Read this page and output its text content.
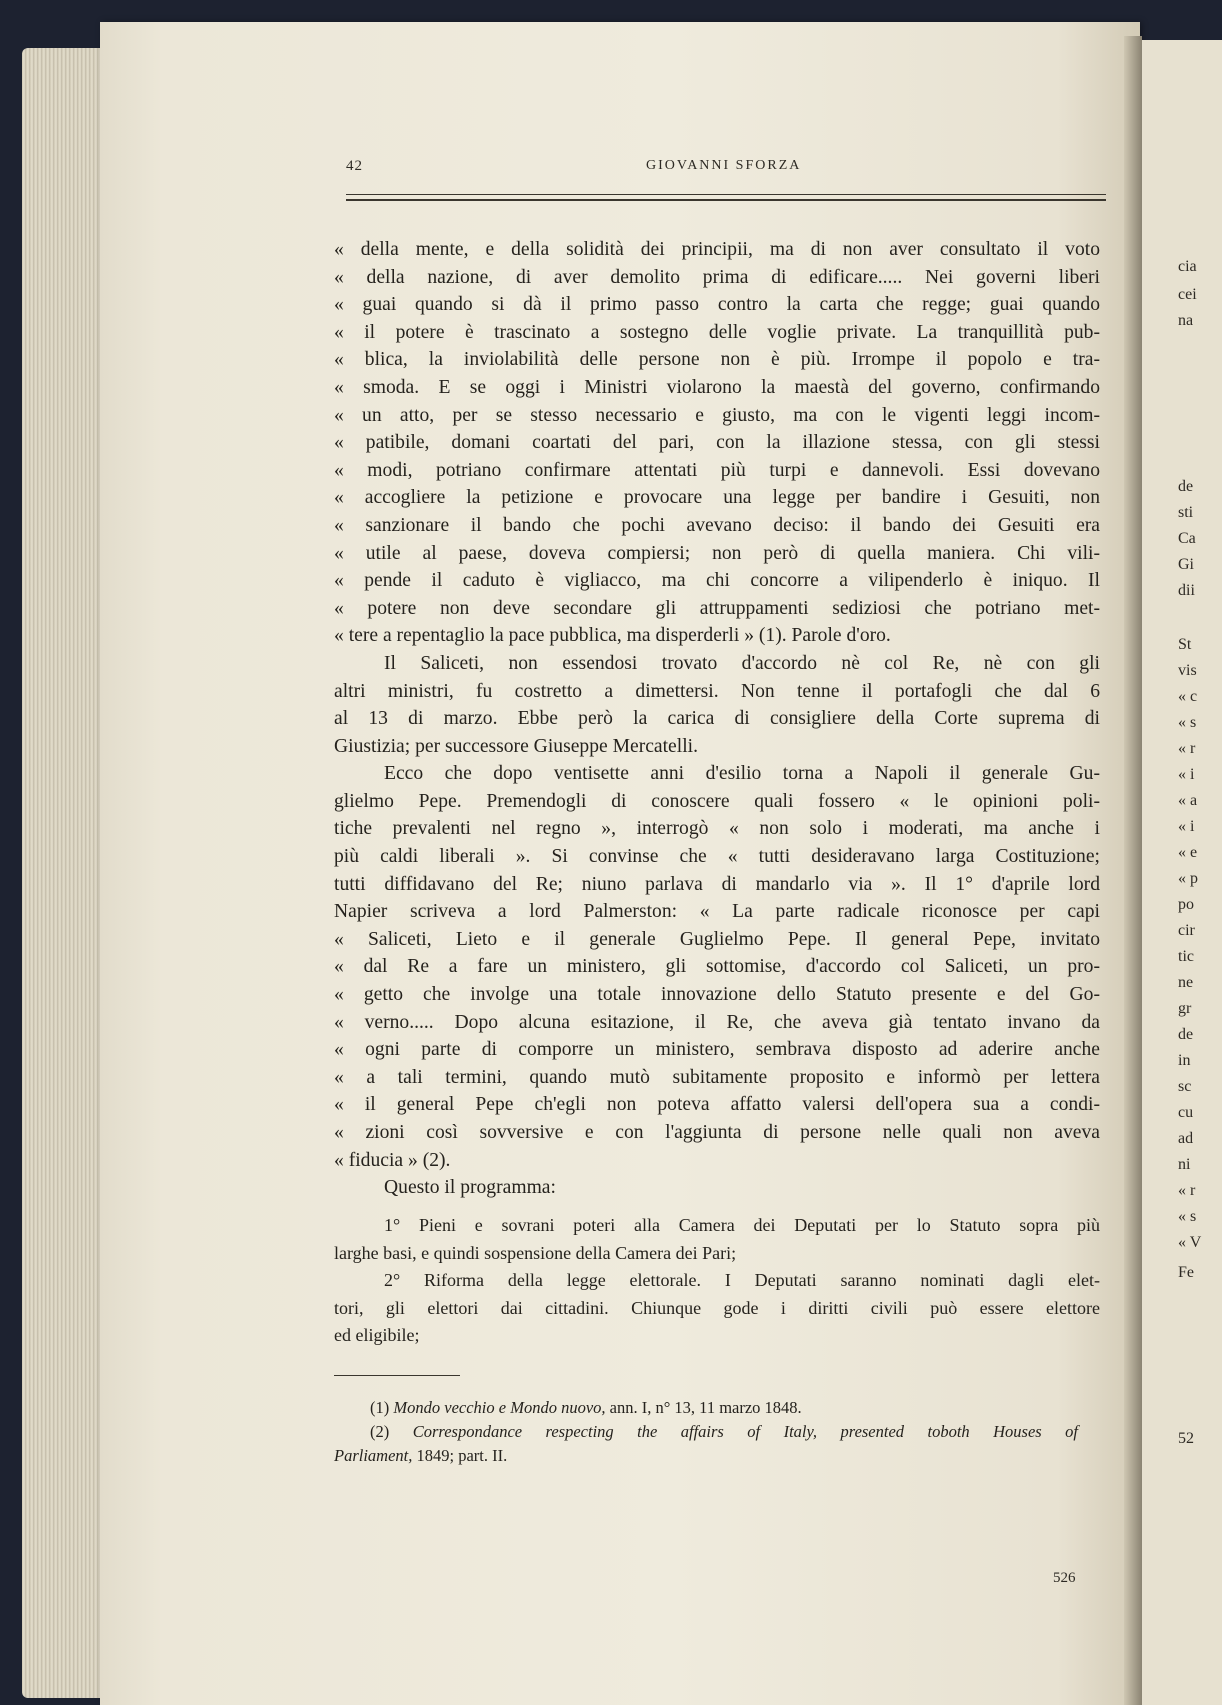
cia
cei
na
de
sti
Ca
Gi
dii
St
vis
« c
« s
« r
« i
« a
« i
« e
« p
po
cir
tic
ne
gr
de
in
sc
cu
ad
ni
« r
« s
« V
Fe
52
42	GIOVANNI SFORZA
« della mente, e della solidità dei principii, ma di non aver consultato il voto
« della nazione, di aver demolito prima di edificare..... Nei governi liberi
« guai quando si dà il primo passo contro la carta che regge; guai quando
« il potere è trascinato a sostegno delle voglie private. La tranquillità pub-
« blica, la inviolabilità delle persone non è più. Irrompe il popolo e tra-
« smoda. E se oggi i Ministri violarono la maestà del governo, confirmando
« un atto, per se stesso necessario e giusto, ma con le vigenti leggi incom-
« patibile, domani coartati del pari, con la illazione stessa, con gli stessi
« modi, potriano confirmare attentati più turpi e dannevoli. Essi dovevano
« accogliere la petizione e provocare una legge per bandire i Gesuiti, non
« sanzionare il bando che pochi avevano deciso: il bando dei Gesuiti era
« utile al paese, doveva compiersi; non però di quella maniera. Chi vili-
« pende il caduto è vigliacco, ma chi concorre a vilipenderlo è iniquo. Il
« potere non deve secondare gli attruppamenti sediziosi che potriano met-
« tere a repentaglio la pace pubblica, ma disperderli » (1). Parole d'oro.
Il Saliceti, non essendosi trovato d'accordo nè col Re, nè con gli
altri ministri, fu costretto a dimettersi. Non tenne il portafogli che dal 6
al 13 di marzo. Ebbe però la carica di consigliere della Corte suprema di
Giustizia; per successore Giuseppe Mercatelli.
Ecco che dopo ventisette anni d'esilio torna a Napoli il generale Gu-
glielmo Pepe. Premendogli di conoscere quali fossero « le opinioni poli-
tiche prevalenti nel regno », interrogò « non solo i moderati, ma anche i
più caldi liberali ». Si convinse che « tutti desideravano larga Costituzione;
tutti diffidavano del Re; niuno parlava di mandarlo via ». Il 1° d'aprile lord
Napier scriveva a lord Palmerston: « La parte radicale riconosce per capi
« Saliceti, Lieto e il generale Guglielmo Pepe. Il general Pepe, invitato
« dal Re a fare un ministero, gli sottomise, d'accordo col Saliceti, un pro-
« getto che involge una totale innovazione dello Statuto presente e del Go-
« verno..... Dopo alcuna esitazione, il Re, che aveva già tentato invano da
« ogni parte di comporre un ministero, sembrava disposto ad aderire anche
« a tali termini, quando mutò subitamente proposito e informò per lettera
« il general Pepe ch'egli non poteva affatto valersi dell'opera sua a condi-
« zioni così sovversive e con l'aggiunta di persone nelle quali non aveva
« fiducia » (2).
Questo il programma:
1° Pieni e sovrani poteri alla Camera dei Deputati per lo Statuto sopra più
larghe basi, e quindi sospensione della Camera dei Pari;
2° Riforma della legge elettorale. I Deputati saranno nominati dagli elet-
tori, gli elettori dai cittadini. Chiunque gode i diritti civili può essere elettore
ed eligibile;
(1) Mondo vecchio e Mondo nuovo, ann. I, n° 13, 11 marzo 1848.
(2) Correspondance respecting the affairs of Italy, presented toboth Houses of
Parliament, 1849; part. II.
526
